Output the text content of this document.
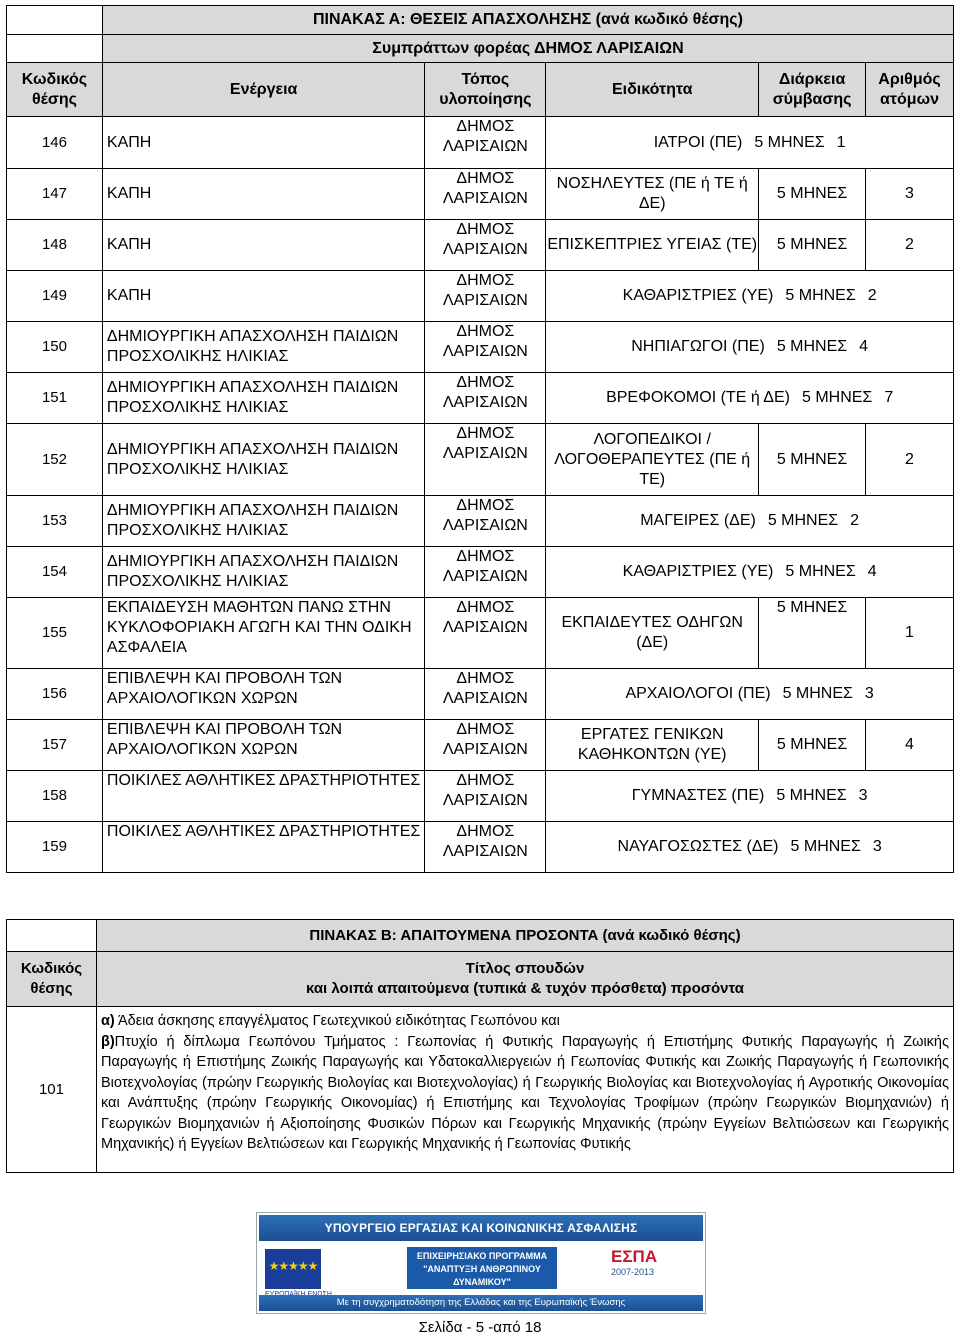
	ΠΙΝΑΚΑΣ Α: ΘΕΣΕΙΣ ΑΠΑΣΧΟΛΗΣΗΣ (ανά κωδικό θέσης)				
	Συμπράττων φορέας ΔΗΜΟΣ ΛΑΡΙΣΑΙΩΝ				
Κωδικός θέσης	Ενέργεια	Τόπος υλοποίησης	Ειδικότητα	Διάρκεια σύμβασης	Αριθμός ατόμων
146	ΚΑΠΗ	ΔΗΜΟΣ ΛΑΡΙΣΑΙΩΝ	ΙΑΤΡΟΙ (ΠΕ) 5 ΜΗΝΕΣ 1		
147	ΚΑΠΗ	ΔΗΜΟΣ ΛΑΡΙΣΑΙΩΝ	ΝΟΣΗΛΕΥΤΕΣ (ΠΕ ή ΤΕ ή ΔΕ)	5 ΜΗΝΕΣ	3
148	ΚΑΠΗ	ΔΗΜΟΣ ΛΑΡΙΣΑΙΩΝ	ΕΠΙΣΚΕΠΤΡΙΕΣ ΥΓΕΙΑΣ (ΤΕ)	5 ΜΗΝΕΣ	2
149	ΚΑΠΗ	ΔΗΜΟΣ ΛΑΡΙΣΑΙΩΝ	ΚΑΘΑΡΙΣΤΡΙΕΣ (ΥΕ) 5 ΜΗΝΕΣ 2		
150	ΔΗΜΙΟΥΡΓΙΚΗ ΑΠΑΣΧΟΛΗΣΗ ΠΑΙΔΙΩΝ ΠΡΟΣΧΟΛΙΚΗΣ ΗΛΙΚΙΑΣ	ΔΗΜΟΣ ΛΑΡΙΣΑΙΩΝ	ΝΗΠΙΑΓΩΓΟΙ (ΠΕ) 5 ΜΗΝΕΣ 4		
151	ΔΗΜΙΟΥΡΓΙΚΗ ΑΠΑΣΧΟΛΗΣΗ ΠΑΙΔΙΩΝ ΠΡΟΣΧΟΛΙΚΗΣ ΗΛΙΚΙΑΣ	ΔΗΜΟΣ ΛΑΡΙΣΑΙΩΝ	ΒΡΕΦΟΚΟΜΟΙ (ΤΕ ή ΔΕ) 5 ΜΗΝΕΣ 7		
152	ΔΗΜΙΟΥΡΓΙΚΗ ΑΠΑΣΧΟΛΗΣΗ ΠΑΙΔΙΩΝ ΠΡΟΣΧΟΛΙΚΗΣ ΗΛΙΚΙΑΣ	ΔΗΜΟΣ ΛΑΡΙΣΑΙΩΝ	ΛΟΓΟΠΕΔΙΚΟΙ / ΛΟΓΟΘΕΡΑΠΕΥΤΕΣ (ΠΕ ή ΤΕ)	5 ΜΗΝΕΣ	2
153	ΔΗΜΙΟΥΡΓΙΚΗ ΑΠΑΣΧΟΛΗΣΗ ΠΑΙΔΙΩΝ ΠΡΟΣΧΟΛΙΚΗΣ ΗΛΙΚΙΑΣ	ΔΗΜΟΣ ΛΑΡΙΣΑΙΩΝ	ΜΑΓΕΙΡΕΣ (ΔΕ) 5 ΜΗΝΕΣ 2		
154	ΔΗΜΙΟΥΡΓΙΚΗ ΑΠΑΣΧΟΛΗΣΗ ΠΑΙΔΙΩΝ ΠΡΟΣΧΟΛΙΚΗΣ ΗΛΙΚΙΑΣ	ΔΗΜΟΣ ΛΑΡΙΣΑΙΩΝ	ΚΑΘΑΡΙΣΤΡΙΕΣ (ΥΕ) 5 ΜΗΝΕΣ 4		
155	ΕΚΠΑΙΔΕΥΣΗ ΜΑΘΗΤΩΝ ΠΑΝΩ ΣΤΗΝ ΚΥΚΛΟΦΟΡΙΑΚΗ ΑΓΩΓΗ ΚΑΙ ΤΗΝ ΟΔΙΚΗ ΑΣΦΑΛΕΙΑ	ΔΗΜΟΣ ΛΑΡΙΣΑΙΩΝ	ΕΚΠΑΙΔΕΥΤΕΣ ΟΔΗΓΩΝ (ΔΕ)	5 ΜΗΝΕΣ	1
156	ΕΠΙΒΛΕΨΗ ΚΑΙ ΠΡΟΒΟΛΗ ΤΩΝ ΑΡΧΑΙΟΛΟΓΙΚΩΝ ΧΩΡΩΝ	ΔΗΜΟΣ ΛΑΡΙΣΑΙΩΝ	ΑΡΧΑΙΟΛΟΓΟΙ (ΠΕ) 5 ΜΗΝΕΣ 3		
157	ΕΠΙΒΛΕΨΗ ΚΑΙ ΠΡΟΒΟΛΗ ΤΩΝ ΑΡΧΑΙΟΛΟΓΙΚΩΝ ΧΩΡΩΝ	ΔΗΜΟΣ ΛΑΡΙΣΑΙΩΝ	ΕΡΓΑΤΕΣ ΓΕΝΙΚΩΝ ΚΑΘΗΚΟΝΤΩΝ (ΥΕ)	5 ΜΗΝΕΣ	4
158	ΠΟΙΚΙΛΕΣ ΑΘΛΗΤΙΚΕΣ ΔΡΑΣΤΗΡΙΟΤΗΤΕΣ	ΔΗΜΟΣ ΛΑΡΙΣΑΙΩΝ	ΓΥΜΝΑΣΤΕΣ (ΠΕ) 5 ΜΗΝΕΣ 3		
159	ΠΟΙΚΙΛΕΣ ΑΘΛΗΤΙΚΕΣ ΔΡΑΣΤΗΡΙΟΤΗΤΕΣ	ΔΗΜΟΣ ΛΑΡΙΣΑΙΩΝ	ΝΑΥΑΓΟΣΩΣΤΕΣ (ΔΕ) 5 ΜΗΝΕΣ 3		
	ΠΙΝΑΚΑΣ Β: ΑΠΑΙΤΟΥΜΕΝΑ ΠΡΟΣΟΝΤΑ (ανά κωδικό θέσης)
Κωδικός θέσης	Τίτλος σπουδών
και λοιπά απαιτούμενα (τυπικά & τυχόν πρόσθετα) προσόντα

101	α) Άδεια άσκησης επαγγέλματος Γεωτεχνικού ειδικότητας Γεωπόνου και
β)Πτυχίο ή δίπλωμα Γεωπόνου Τμήματος : Γεωπονίας ή Φυτικής Παραγωγής ή Επιστήμης Φυτικής Παραγωγής ή Ζωικής Παραγωγής ή Επιστήμης Ζωικής Παραγωγής και Υδατοκαλλιεργειών ή Γεωπονίας Φυτικής και Ζωικής Παραγωγής ή Γεωπονικής Βιοτεχνολογίας (πρώην Γεωργικής Βιολογίας και Βιοτεχνολογίας) ή Γεωργικής Βιολογίας και Βιοτεχνολογίας ή Αγροτικής Οικονομίας και Ανάπτυξης (πρώην Γεωργικής Οικονομίας) ή Επιστήμης και Τεχνολογίας Τροφίμων (πρώην Γεωργικών Βιομηχανιών) ή Γεωργικών Βιομηχανιών ή Αξιοποίησης Φυσικών Πόρων και Γεωργικής Μηχανικής (πρώην Εγγείων Βελτιώσεων και Γεωργικής Μηχανικής) ή Εγγείων Βελτιώσεων και Γεωργικής Μηχανικής ή Γεωπονίας Φυτικής
ΥΠΟΥΡΓΕΙΟ ΕΡΓΑΣΙΑΣ ΚΑΙ ΚΟΙΝΩΝΙΚΗΣ ΑΣΦΑΛΙΣΗΣ
★★★★★
ΕΠΙΧΕΙΡΗΣΙΑΚΟ ΠΡΟΓΡΑΜΜΑ "ΑΝΑΠΤΥΞΗ ΑΝΘΡΩΠΙΝΟΥ ΔΥΝΑΜΙΚΟΥ"
ΕΣΠΑ
2007-2013
Με τη συγχρηματοδότηση της Ελλάδας και της Ευρωπαϊκής Ένωσης
Σελίδα - 5 -από 18
